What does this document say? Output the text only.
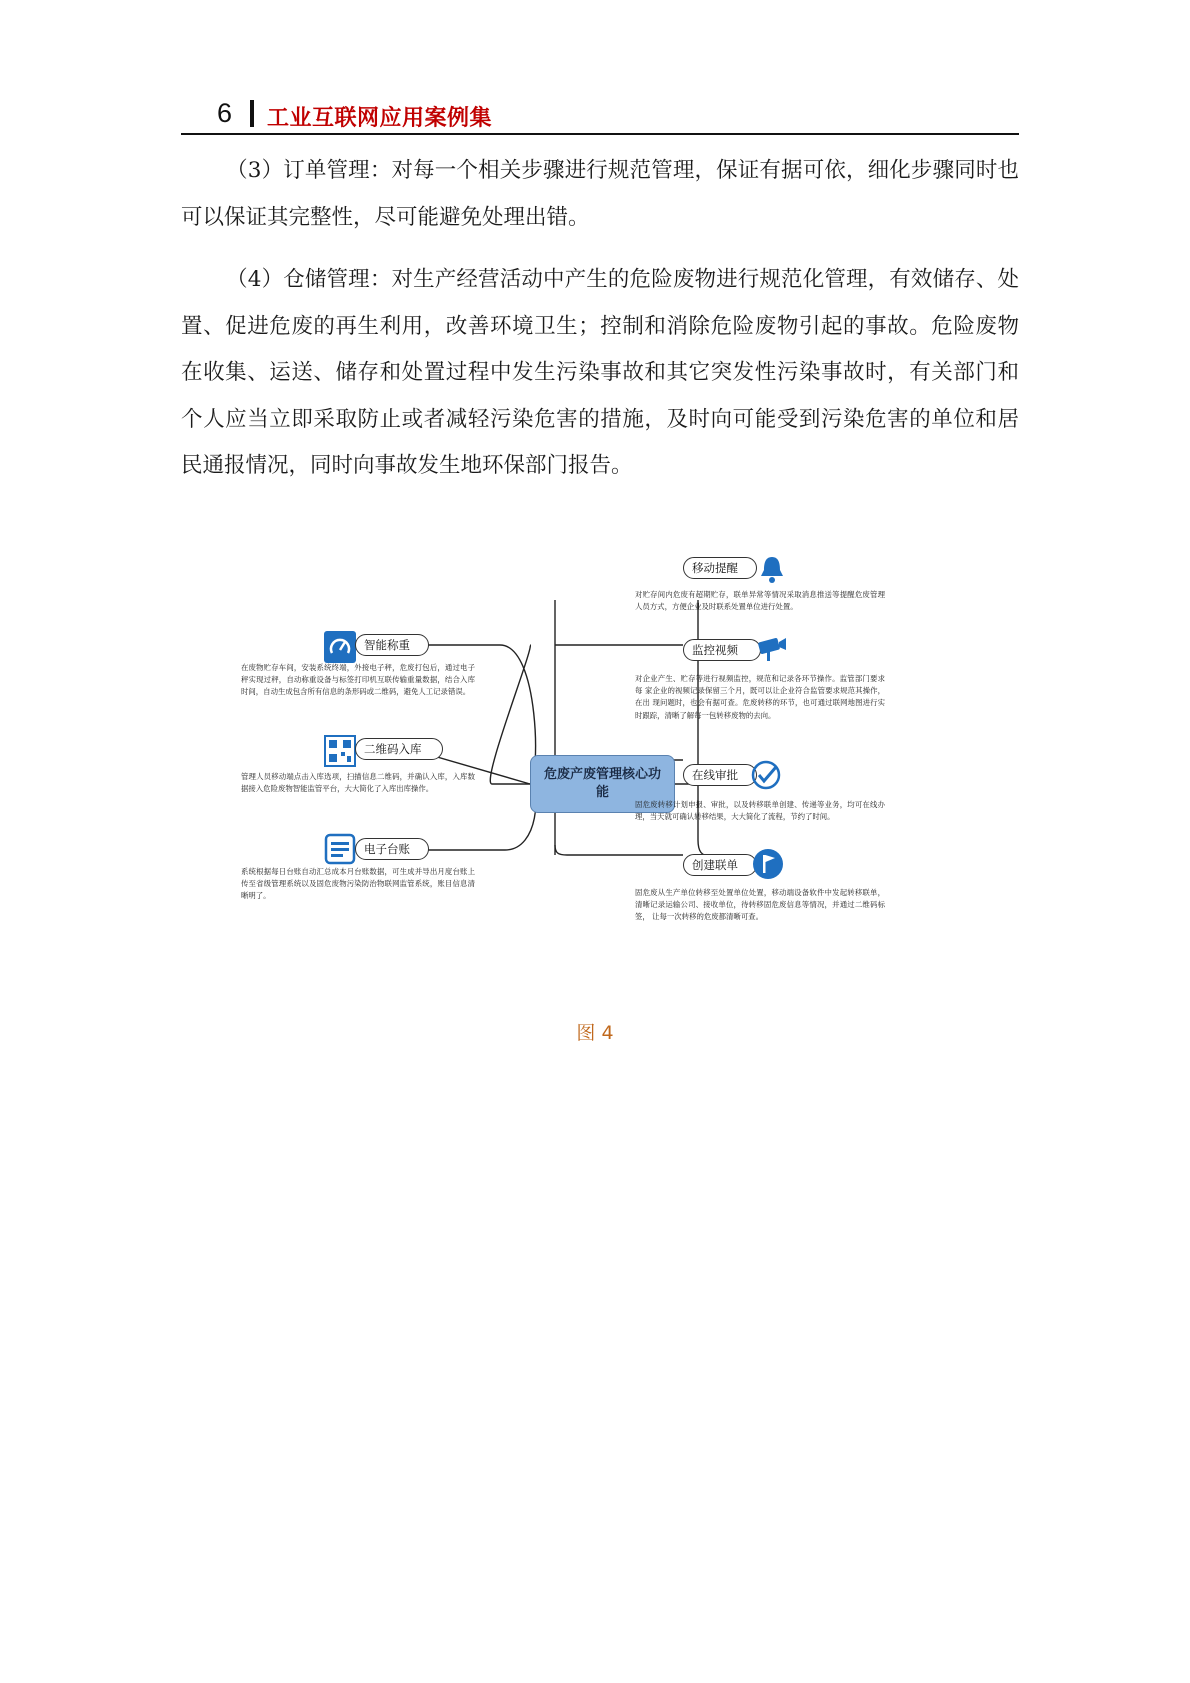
6 工业互联网应用案例集

（3）订单管理：对每一个相关步骤进行规范管理，保证有据可依，细化步骤同时也可以保证其完整性，尽可能避免处理出错。

（4）仓储管理：对生产经营活动中产生的危险废物进行规范化管理，有效储存、处置、促进危废的再生利用，改善环境卫生；控制和消除危险废物引起的事故。危险废物在收集、运送、储存和处置过程中发生污染事故和其它突发性污染事故时，有关部门和个人应当立即采取防止或者减轻污染危害的措施，及时向可能受到污染危害的单位和居民通报情况，同时向事故发生地环保部门报告。

危废产废管理核心功能
智能称重
在废物贮存车间，安装系统终端，外接电子秤，危废打包后，通过电子秤实现过秤，自动称重设备与标签打印机互联传输重量数据，结合入库时间，自动生成包含所有信息的条形码或二维码，避免人工记录错误。
二维码入库
管理人员移动端点击入库选项，扫描信息二维码，并确认入库，入库数据接入危险废物智能监管平台，大大简化了入库出库操作。
电子台账
系统根据每日台账自动汇总成本月台账数据，可生成并导出月度台账上传至省级管理系统以及固危废物污染防治物联网监管系统，账目信息清晰明了。
移动提醒
对贮存间内危废有超期贮存，联单异常等情况采取消息推送等提醒危废管理人员方式，方便企业及时联系处置单位进行处置。
监控视频
对企业产生、贮存等进行视频监控，规范和记录各环节操作。监管部门要求每 家企业的视频记录保留三个月，既可以让企业符合监管要求规范其操作，在出 现问题时，也会有据可查。危废转移的环节，也可通过联网地图进行实时跟踪，清晰了解每一包转移废物的去向。
在线审批
固危废转移计划申报、审批，以及转移联单创建、传递等业务，均可在线办理，当天就可确认转移结果，大大简化了流程，节约了时间。
创建联单
固危废从生产单位转移至处置单位处置，移动端设备软件中发起转移联单，清晰记录运输公司、接收单位，待转移固危废信息等情况，并通过二维码标签， 让每一次转移的危废都清晰可查。
图 4
